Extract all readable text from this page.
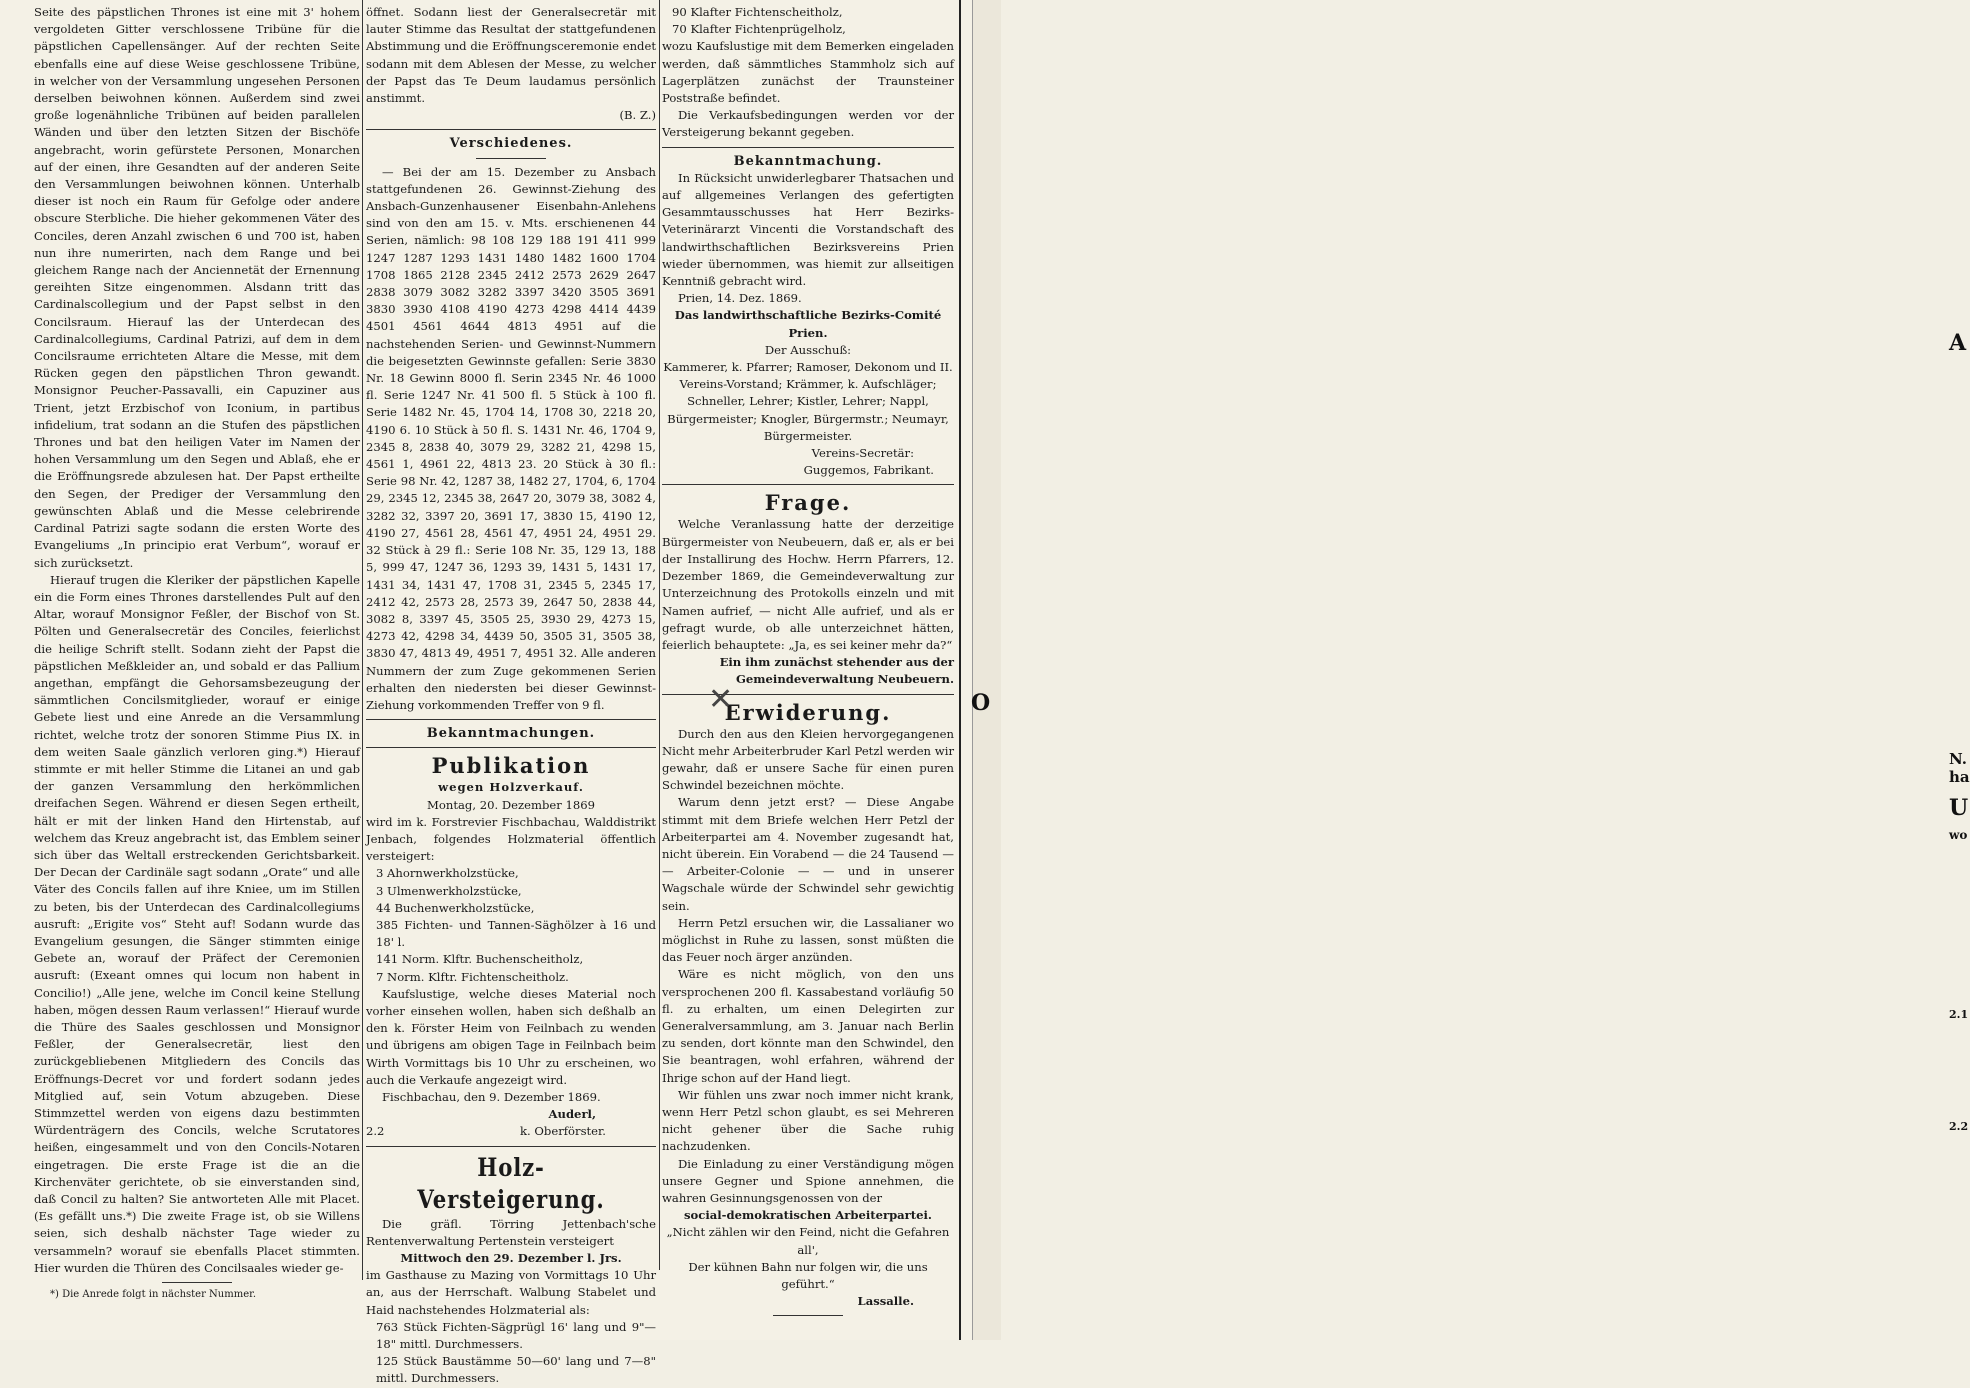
Seite des päpstlichen Thrones ist eine mit 3' hohem vergoldeten Gitter verschlossene Tribüne für die päpstlichen Capellensänger. Auf der rechten Seite ebenfalls eine auf diese Weise geschlossene Tribüne, in welcher von der Versammlung ungesehen Personen derselben beiwohnen können. Außerdem sind zwei große logenähnliche Tribünen auf beiden parallelen Wänden und über den letzten Sitzen der Bischöfe angebracht, worin gefürstete Personen, Monarchen auf der einen, ihre Gesandten auf der anderen Seite den Versammlungen beiwohnen können. Unterhalb dieser ist noch ein Raum für Gefolge oder andere obscure Sterbliche. Die hieher gekommenen Väter des Conciles, deren Anzahl zwischen 6 und 700 ist, haben nun ihre numerirten, nach dem Range und bei gleichem Range nach der Anciennetät der Ernennung gereihten Sitze eingenommen. Alsdann tritt das Cardinalscollegium und der Papst selbst in den Concilsraum. Hierauf las der Unterdecan des Cardinalcollegiums, Cardinal Patrizi, auf dem in dem Concilsraume errichteten Altare die Messe, mit dem Rücken gegen den päpstlichen Thron gewandt. Monsignor Peucher-Passavalli, ein Capuziner aus Trient, jetzt Erzbischof von Iconium, in partibus infidelium, trat sodann an die Stufen des päpstlichen Thrones und bat den heiligen Vater im Namen der hohen Versammlung um den Segen und Ablaß, ehe er die Eröffnungsrede abzulesen hat. Der Papst ertheilte den Segen, der Prediger der Versammlung den gewünschten Ablaß und die Messe celebrirende Cardinal Patrizi sagte sodann die ersten Worte des Evangeliums „In principio erat Verbum“, worauf er sich zurücksetzt.

Hierauf trugen die Kleriker der päpstlichen Kapelle ein die Form eines Thrones darstellendes Pult auf den Altar, worauf Monsignor Feßler, der Bischof von St. Pölten und Generalsecretär des Conciles, feierlichst die heilige Schrift stellt. Sodann zieht der Papst die päpstlichen Meßkleider an, und sobald er das Pallium angethan, empfängt die Gehorsamsbezeugung der sämmtlichen Concilsmitglieder, worauf er einige Gebete liest und eine Anrede an die Versammlung richtet, welche trotz der sonoren Stimme Pius IX. in dem weiten Saale gänzlich verloren ging.*) Hierauf stimmte er mit heller Stimme die Litanei an und gab der ganzen Versammlung den herkömmlichen dreifachen Segen. Während er diesen Segen ertheilt, hält er mit der linken Hand den Hirtenstab, auf welchem das Kreuz angebracht ist, das Emblem seiner sich über das Weltall erstreckenden Gerichtsbarkeit. Der Decan der Cardinäle sagt sodann „Orate“ und alle Väter des Concils fallen auf ihre Kniee, um im Stillen zu beten, bis der Unterdecan des Cardinalcollegiums ausruft: „Erigite vos“ Steht auf! Sodann wurde das Evangelium gesungen, die Sänger stimmten einige Gebete an, worauf der Präfect der Ceremonien ausruft: (Exeant omnes qui locum non habent in Concilio!) „Alle jene, welche im Concil keine Stellung haben, mögen dessen Raum verlassen!“ Hierauf wurde die Thüre des Saales geschlossen und Monsignor Feßler, der Generalsecretär, liest den zurückgebliebenen Mitgliedern des Concils das Eröffnungs-Decret vor und fordert sodann jedes Mitglied auf, sein Votum abzugeben. Diese Stimmzettel werden von eigens dazu bestimmten Würdenträgern des Concils, welche Scrutatores heißen, eingesammelt und von den Concils-Notaren eingetragen. Die erste Frage ist die an die Kirchenväter gerichtete, ob sie einverstanden sind, daß Concil zu halten? Sie antworteten Alle mit Placet. (Es gefällt uns.*) Die zweite Frage ist, ob sie Willens seien, sich deshalb nächster Tage wieder zu versammeln? worauf sie ebenfalls Placet stimmten. Hier wurden die Thüren des Concilsaales wieder ge-

*) Die Anrede folgt in nächster Nummer.

öffnet. Sodann liest der Generalsecretär mit lauter Stimme das Resultat der stattgefundenen Abstimmung und die Eröffnungsceremonie endet sodann mit dem Ablesen der Messe, zu welcher der Papst das Te Deum laudamus persönlich anstimmt.

(B. Z.)

Verschiedenes.

— Bei der am 15. Dezember zu Ansbach stattgefundenen 26. Gewinnst-Ziehung des Ansbach-Gunzenhausener Eisenbahn-Anlehens sind von den am 15. v. Mts. erschienenen 44 Serien, nämlich: 98 108 129 188 191 411 999 1247 1287 1293 1431 1480 1482 1600 1704 1708 1865 2128 2345 2412 2573 2629 2647 2838 3079 3082 3282 3397 3420 3505 3691 3830 3930 4108 4190 4273 4298 4414 4439 4501 4561 4644 4813 4951 auf die nachstehenden Serien- und Gewinnst-Nummern die beigesetzten Gewinnste gefallen: Serie 3830 Nr. 18 Gewinn 8000 fl. Serin 2345 Nr. 46 1000 fl. Serie 1247 Nr. 41 500 fl. 5 Stück à 100 fl. Serie 1482 Nr. 45, 1704 14, 1708 30, 2218 20, 4190 6. 10 Stück à 50 fl. S. 1431 Nr. 46, 1704 9, 2345 8, 2838 40, 3079 29, 3282 21, 4298 15, 4561 1, 4961 22, 4813 23. 20 Stück à 30 fl.: Serie 98 Nr. 42, 1287 38, 1482 27, 1704, 6, 1704 29, 2345 12, 2345 38, 2647 20, 3079 38, 3082 4, 3282 32, 3397 20, 3691 17, 3830 15, 4190 12, 4190 27, 4561 28, 4561 47, 4951 24, 4951 29. 32 Stück à 29 fl.: Serie 108 Nr. 35, 129 13, 188 5, 999 47, 1247 36, 1293 39, 1431 5, 1431 17, 1431 34, 1431 47, 1708 31, 2345 5, 2345 17, 2412 42, 2573 28, 2573 39, 2647 50, 2838 44, 3082 8, 3397 45, 3505 25, 3930 29, 4273 15, 4273 42, 4298 34, 4439 50, 3505 31, 3505 38, 3830 47, 4813 49, 4951 7, 4951 32. Alle anderen Nummern der zum Zuge gekommenen Serien erhalten den niedersten bei dieser Gewinnst-Ziehung vorkommenden Treffer von 9 fl.

Bekanntmachungen.
Publikation
wegen Holzverkauf.
Montag, 20. Dezember 1869

wird im k. Forstrevier Fischbachau, Walddistrikt Jenbach, folgendes Holzmaterial öffentlich versteigert:

3 Ahornwerkholzstücke,

3 Ulmenwerkholzstücke,

44 Buchenwerkholzstücke,

385 Fichten- und Tannen-Säghölzer à 16 und 18' l.

141 Norm. Klftr. Buchenscheitholz,

7 Norm. Klftr. Fichtenscheitholz.

Kaufslustige, welche dieses Material noch vorher einsehen wollen, haben sich deßhalb an den k. Förster Heim von Feilnbach zu wenden und übrigens am obigen Tage in Feilnbach beim Wirth Vormittags bis 10 Uhr zu erscheinen, wo auch die Verkaufe angezeigt wird.

Fischbachau, den 9. Dezember 1869.

Auderl,
2.2	k. Oberförster.
Holz-Versteigerung.

Die gräfl. Törring Jettenbach'sche Rentenverwaltung Pertenstein versteigert

Mittwoch den 29. Dezember l. Jrs.

im Gasthause zu Mazing von Vormittags 10 Uhr an, aus der Herrschaft. Walbung Stabelet und Haid nachstehendes Holzmaterial als:

763 Stück Fichten-Sägprügl 16' lang und 9"—18" mittl. Durchmessers.

125 Stück Baustämme 50—60' lang und 7—8" mittl. Durchmessers.

90 Klafter Fichtenscheitholz,

70 Klafter Fichtenprügelholz,

wozu Kaufslustige mit dem Bemerken eingeladen werden, daß sämmtliches Stammholz sich auf Lagerplätzen zunächst der Traunsteiner Poststraße befindet.

Die Verkaufsbedingungen werden vor der Versteigerung bekannt gegeben.

Bekanntmachung.

In Rücksicht unwiderlegbarer Thatsachen und auf allgemeines Verlangen des gefertigten Gesammtausschusses hat Herr Bezirks-Veterinärarzt Vincenti die Vorstandschaft des landwirthschaftlichen Bezirksvereins Prien wieder übernommen, was hiemit zur allseitigen Kenntniß gebracht wird.

Prien, 14. Dez. 1869.

Das landwirthschaftliche Bezirks-Comité Prien.
Der Ausschuß:

Kammerer, k. Pfarrer; Ramoser, Dekonom und II. Vereins-Vorstand; Krämmer, k. Aufschläger; Schneller, Lehrer; Kistler, Lehrer; Nappl, Bürgermeister; Knogler, Bürgermstr.; Neumayr, Bürgermeister.

Vereins-Secretär:
Guggemos, Fabrikant.
Frage.

Welche Veranlassung hatte der derzeitige Bürgermeister von Neubeuern, daß er, als er bei der Installirung des Hochw. Herrn Pfarrers, 12. Dezember 1869, die Gemeindeverwaltung zur Unterzeichnung des Protokolls einzeln und mit Namen aufrief, — nicht Alle aufrief, und als er gefragt wurde, ob alle unterzeichnet hätten, feierlich behauptete: „Ja, es sei keiner mehr da?“

Ein ihm zunächst stehender aus der Gemeindeverwaltung Neubeuern.

Erwiderung.

Durch den aus den Kleien hervorgegangenen Nicht mehr Arbeiterbruder Karl Petzl werden wir gewahr, daß er unsere Sache für einen puren Schwindel bezeichnen möchte.

Warum denn jetzt erst? — Diese Angabe stimmt mit dem Briefe welchen Herr Petzl der Arbeiterpartei am 4. November zugesandt hat, nicht überein. Ein Vorabend — die 24 Tausend — — Arbeiter-Colonie — — und in unserer Wagschale würde der Schwindel sehr gewichtig sein.

Herrn Petzl ersuchen wir, die Lassalianer wo möglichst in Ruhe zu lassen, sonst müßten die das Feuer noch ärger anzünden.

Wäre es nicht möglich, von den uns versprochenen 200 fl. Kassabestand vorläufig 50 fl. zu erhalten, um einen Delegirten zur Generalversammlung, am 3. Januar nach Berlin zu senden, dort könnte man den Schwindel, den Sie beantragen, wohl erfahren, während der Ihrige schon auf der Hand liegt.

Wir fühlen uns zwar noch immer nicht krank, wenn Herr Petzl schon glaubt, es sei Mehreren nicht gehener über die Sache ruhig nachzudenken.

Die Einladung zu einer Verständigung mögen unsere Gegner und Spione annehmen, die wahren Gesinnungsgenossen von der

social-demokratischen Arbeiterpartei.
„Nicht zählen wir den Feind, nicht die Gefahren all',
Der kühnen Bahn nur folgen wir, die uns geführt.“
Lassalle.
✕
A
O
N.
ha
U
wo
2.1
2.2
